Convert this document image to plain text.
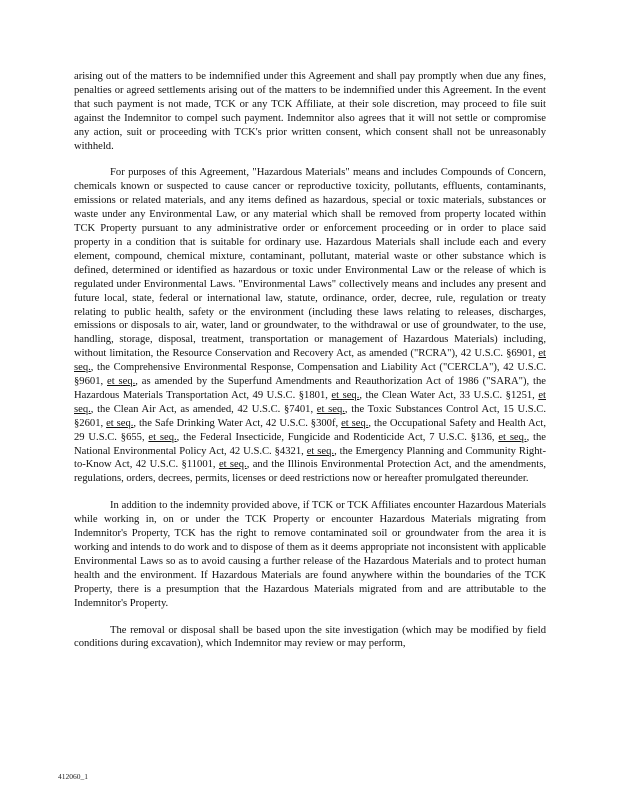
arising out of the matters to be indemnified under this Agreement and shall pay promptly when due any fines, penalties or agreed settlements arising out of the matters to be indemnified under this Agreement. In the event that such payment is not made, TCK or any TCK Affiliate, at their sole discretion, may proceed to file suit against the Indemnitor to compel such payment. Indemnitor also agrees that it will not settle or compromise any action, suit or proceeding with TCK's prior written consent, which consent shall not be unreasonably withheld.

For purposes of this Agreement, "Hazardous Materials" means and includes Compounds of Concern, chemicals known or suspected to cause cancer or reproductive toxicity, pollutants, effluents, contaminants, emissions or related materials, and any items defined as hazardous, special or toxic materials, substances or waste under any Environmental Law, or any material which shall be removed from property located within TCK Property pursuant to any administrative order or enforcement proceeding or in order to place said property in a condition that is suitable for ordinary use. Hazardous Materials shall include each and every element, compound, chemical mixture, contaminant, pollutant, material waste or other substance which is defined, determined or identified as hazardous or toxic under Environmental Law or the release of which is regulated under Environmental Laws. "Environmental Laws" collectively means and includes any present and future local, state, federal or international law, statute, ordinance, order, decree, rule, regulation or treaty relating to public health, safety or the environment (including these laws relating to releases, discharges, emissions or disposals to air, water, land or groundwater, to the withdrawal or use of groundwater, to the use, handling, storage, disposal, treatment, transportation or management of Hazardous Materials) including, without limitation, the Resource Conservation and Recovery Act, as amended ("RCRA"), 42 U.S.C. §6901, et seq., the Comprehensive Environmental Response, Compensation and Liability Act ("CERCLA"), 42 U.S.C. §9601, et seq., as amended by the Superfund Amendments and Reauthorization Act of 1986 ("SARA"), the Hazardous Materials Transportation Act, 49 U.S.C. §1801, et seq., the Clean Water Act, 33 U.S.C. §1251, et seq., the Clean Air Act, as amended, 42 U.S.C. §7401, et seq., the Toxic Substances Control Act, 15 U.S.C. §2601, et seq., the Safe Drinking Water Act, 42 U.S.C. §300f, et seq., the Occupational Safety and Health Act, 29 U.S.C. §655, et seq., the Federal Insecticide, Fungicide and Rodenticide Act, 7 U.S.C. §136, et seq., the National Environmental Policy Act, 42 U.S.C. §4321, et seq., the Emergency Planning and Community Right-to-Know Act, 42 U.S.C. §11001, et seq., and the Illinois Environmental Protection Act, and the amendments, regulations, orders, decrees, permits, licenses or deed restrictions now or hereafter promulgated thereunder.

In addition to the indemnity provided above, if TCK or TCK Affiliates encounter Hazardous Materials while working in, on or under the TCK Property or encounter Hazardous Materials migrating from Indemnitor's Property, TCK has the right to remove contaminated soil or groundwater from the area it is working and intends to do work and to dispose of them as it deems appropriate not inconsistent with applicable Environmental Laws so as to avoid causing a further release of the Hazardous Materials and to protect human health and the environment. If Hazardous Materials are found anywhere within the boundaries of the TCK Property, there is a presumption that the Hazardous Materials migrated from and are attributable to the Indemnitor's Property.

The removal or disposal shall be based upon the site investigation (which may be modified by field conditions during excavation), which Indemnitor may review or may perform,

412060_1
